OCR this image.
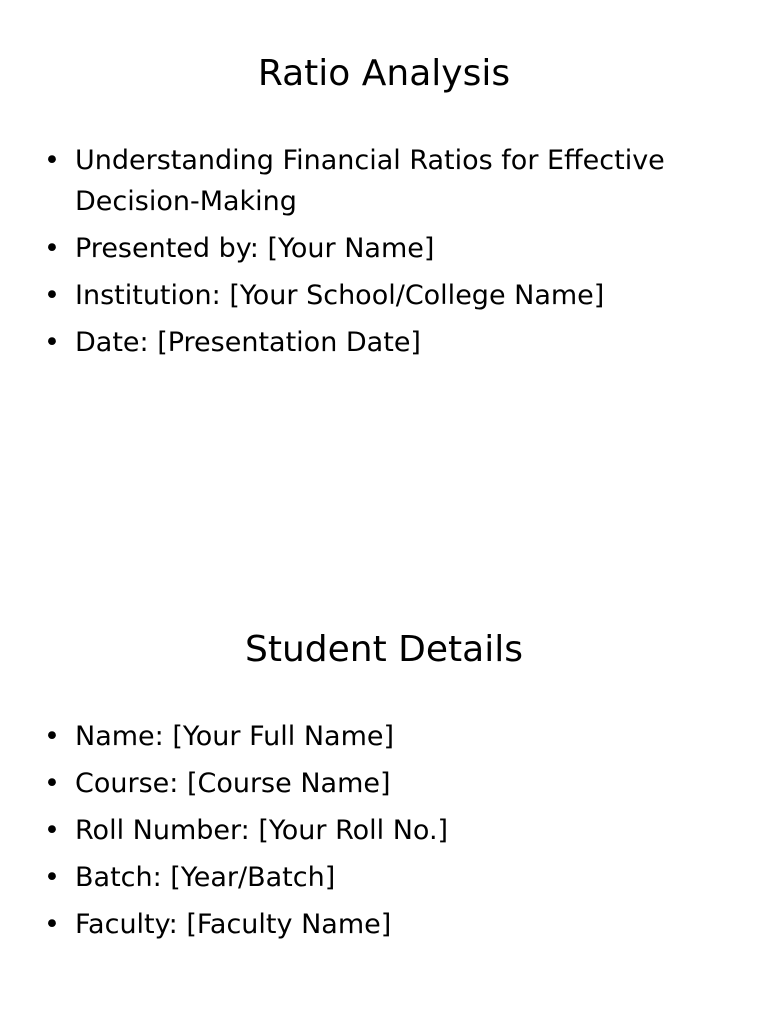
Ratio Analysis
• Understanding Financial Ratios for Effective Decision-Making
• Presented by: [Your Name]
• Institution: [Your School/College Name]
• Date: [Presentation Date]
Student Details
• Name: [Your Full Name]
• Course: [Course Name]
• Roll Number: [Your Roll No.]
• Batch: [Year/Batch]
• Faculty: [Faculty Name]
